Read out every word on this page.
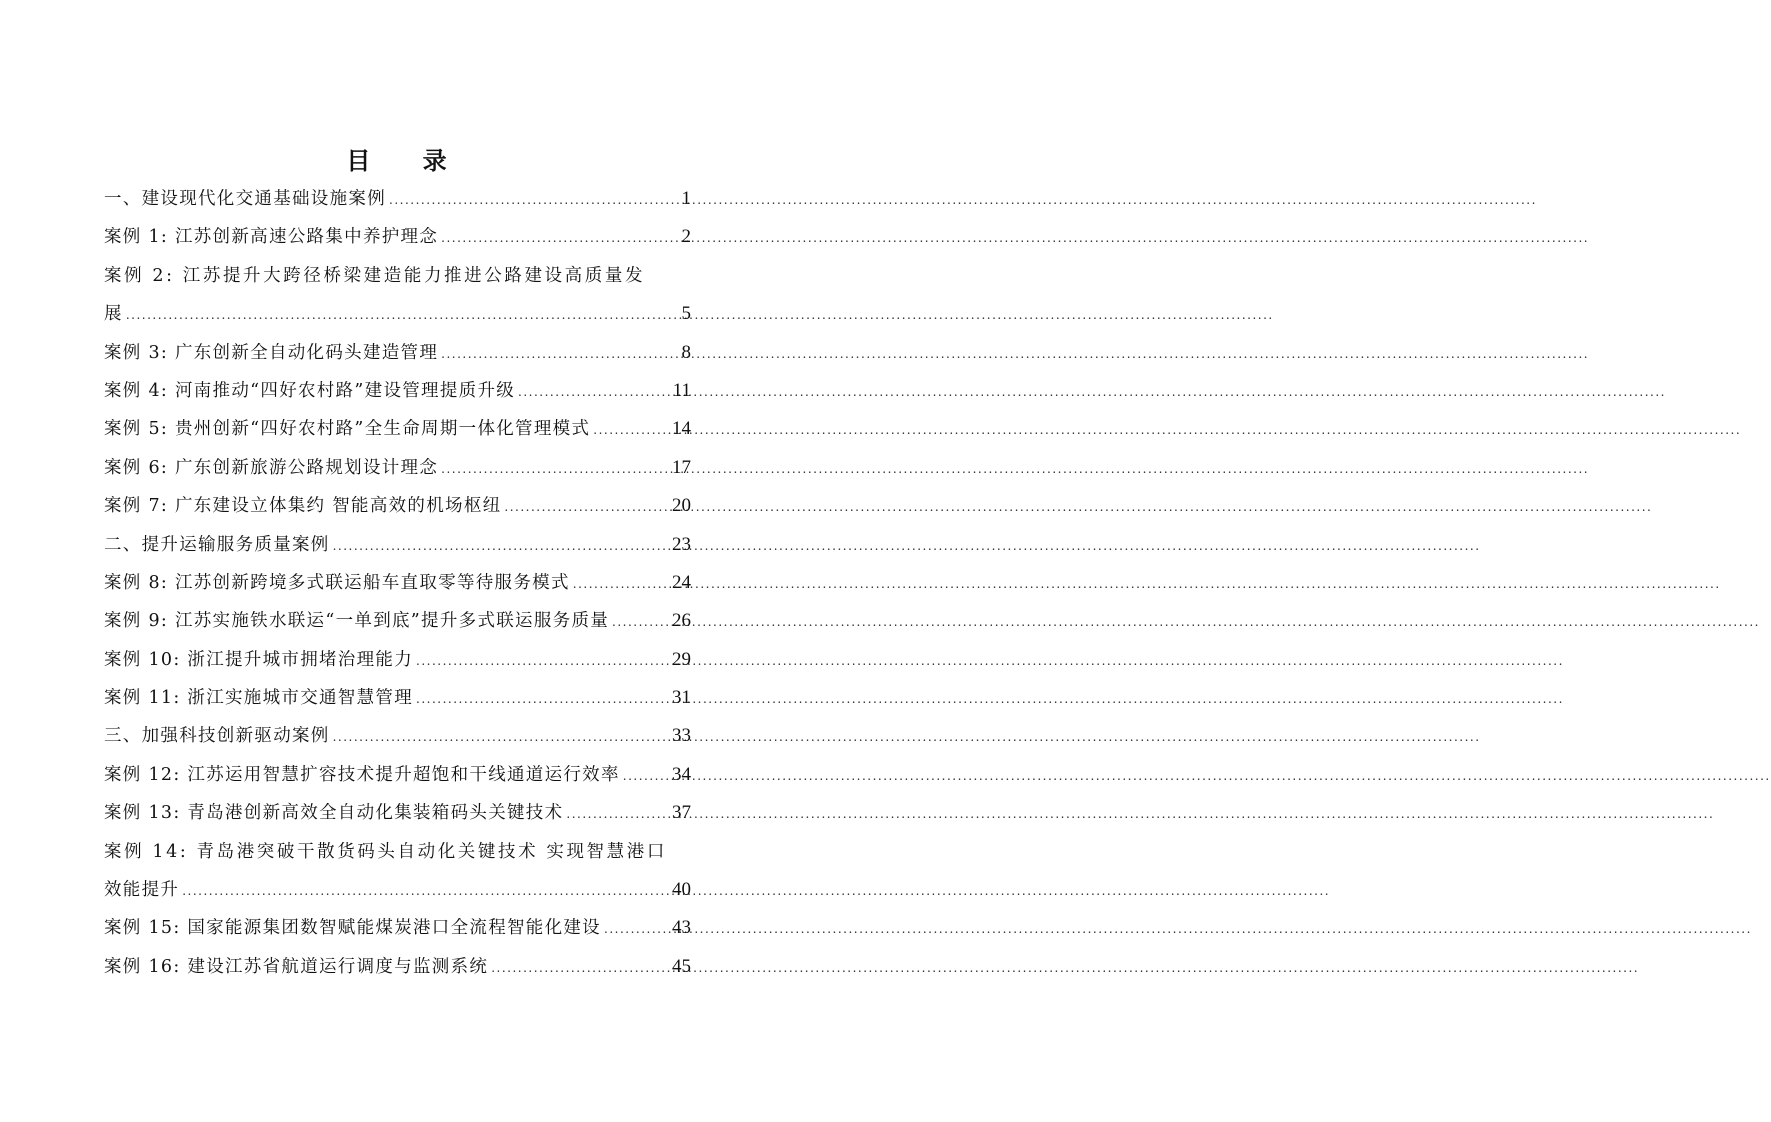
目 录
一、建设现代化交通基础设施案例 .....	1
案例 1: 江苏创新高速公路集中养护理念 .....	2
案例 2: 江苏提升大跨径桥梁建造能力推进公路建设高质量发
展 .....	5
案例 3: 广东创新全自动化码头建造管理 .....	8
案例 4: 河南推动“四好农村路”建设管理提质升级 .....	11
案例 5: 贵州创新“四好农村路”全生命周期一体化管理模式 .....	14
案例 6: 广东创新旅游公路规划设计理念 .....	17
案例 7: 广东建设立体集约 智能高效的机场枢纽 .....	20
二、提升运输服务质量案例 .....	23
案例 8: 江苏创新跨境多式联运船车直取零等待服务模式 .....	24
案例 9: 江苏实施铁水联运“一单到底”提升多式联运服务质量 .....	26
案例 10: 浙江提升城市拥堵治理能力 .....	29
案例 11: 浙江实施城市交通智慧管理 .....	31
三、加强科技创新驱动案例 .....	33
案例 12: 江苏运用智慧扩容技术提升超饱和干线通道运行效率 .....	34
案例 13: 青岛港创新高效全自动化集装箱码头关键技术 .....	37
案例 14: 青岛港突破干散货码头自动化关键技术 实现智慧港口
效能提升 .....	40
案例 15: 国家能源集团数智赋能煤炭港口全流程智能化建设 .....	43
案例 16: 建设江苏省航道运行调度与监测系统 .....	45
